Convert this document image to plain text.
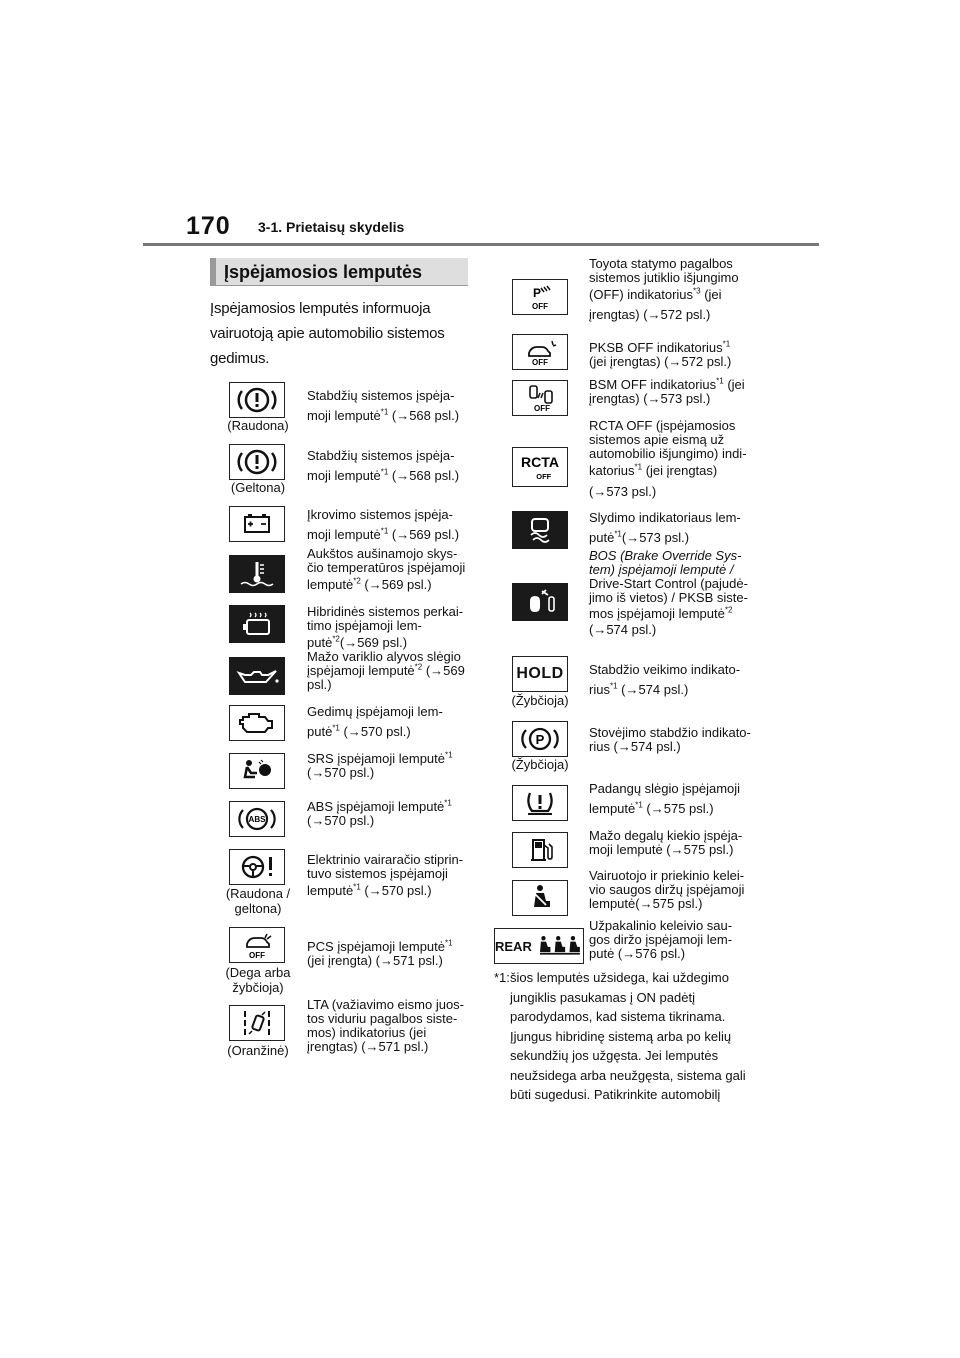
170 3-1. Prietaisų skydelis
Įspėjamosios lemputės
Įspėjamosios lemputės informuoja vairuotoją apie automobilio sistemos gedimus.
(Raudona)
Stabdžių sistemos įspėja-
moji lemputė$^{*1}$ (→568 psl.)
(Geltona)
Stabdžių sistemos įspėja-
moji lemputė$^{*1}$ (→568 psl.)
Įkrovimo sistemos įspėja-
moji lemputė$^{*1}$ (→569 psl.)
Aukštos aušinamojo skys-
čio temperatūros įspėjamoji
lemputė$^{*2}$ (→569 psl.)
Hibridinės sistemos perkai-
timo įspėjamoji lem-
putė$^{*2}$(→569 psl.)
Mažo variklio alyvos slėgio
įspėjamoji lemputė$^{*2}$ (→569 psl.)
Gedimų įspėjamoji lem-
putė$^{*1}$ (→570 psl.)
SRS įspėjamoji lemputė$^{*1}$
(→570 psl.)
ABS
ABS įspėjamoji lemputė$^{*1}$
(→570 psl.)
(Raudona / geltona)
Elektrinio vairaračio stiprin-
tuvo sistemos įspėjamoji
lemputė$^{*1}$ (→570 psl.)
OFF
(Dega arba žybčioja)
PCS įspėjamoji lemputė$^{*1}$
(jei įrengta) (→571 psl.)
(Oranžinė)
LTA (važiavimo eismo juos-
tos viduriu pagalbos siste-
mos) indikatorius (jei
įrengtas) (→571 psl.)
P
OFF
Toyota statymo pagalbos
sistemos jutiklio išjungimo
(OFF) indikatorius$^{*3}$ (jei įrengtas) (→572 psl.)
OFF
PKSB OFF indikatorius$^{*1}$
(jei įrengtas) (→572 psl.)
OFF
BSM OFF indikatorius$^{*1}$ (jei įrengtas) (→573 psl.)
RCTA
OFF
RCTA OFF (įspėjamosios
sistemos apie eismą už
automobilio išjungimo) indi-
katorius$^{*1}$ (jei įrengtas)
(→573 psl.)
Slydimo indikatoriaus lem-
putė$^{*1}$(→573 psl.)
BOS (Brake Override Sys-
tem) įspėjamoji lemputė /
Drive-Start Control (pajudė-
jimo iš vietos) / PKSB siste-
mos įspėjamoji lemputė$^{*2}$
(→574 psl.)
HOLD
(Žybčioja)
Stabdžio veikimo indikato-
rius$^{*1}$ (→574 psl.)
P
(Žybčioja)
Stovėjimo stabdžio indikato-
rius (→574 psl.)
Padangų slėgio įspėjamoji
lemputė$^{*1}$ (→575 psl.)
Mažo degalų kiekio įspėja-
moji lemputė (→575 psl.)
Vairuotojo ir priekinio kelei-
vio saugos diržų įspėjamoji
lemputė(→575 psl.)
REAR
Užpakalinio keleivio sau-
gos diržo įspėjamoji lem-
putė (→576 psl.)
*1: šios lemputės užsidega, kai uždegimo jungiklis pasukamas į ON padėtį parodydamos, kad sistema tikrinama. Įjungus hibridinę sistemą arba po kelių sekundžių jos užgęsta. Jei lemputės neužsidega arba neužgęsta, sistema gali būti sugedusi. Patikrinkite automobilį
